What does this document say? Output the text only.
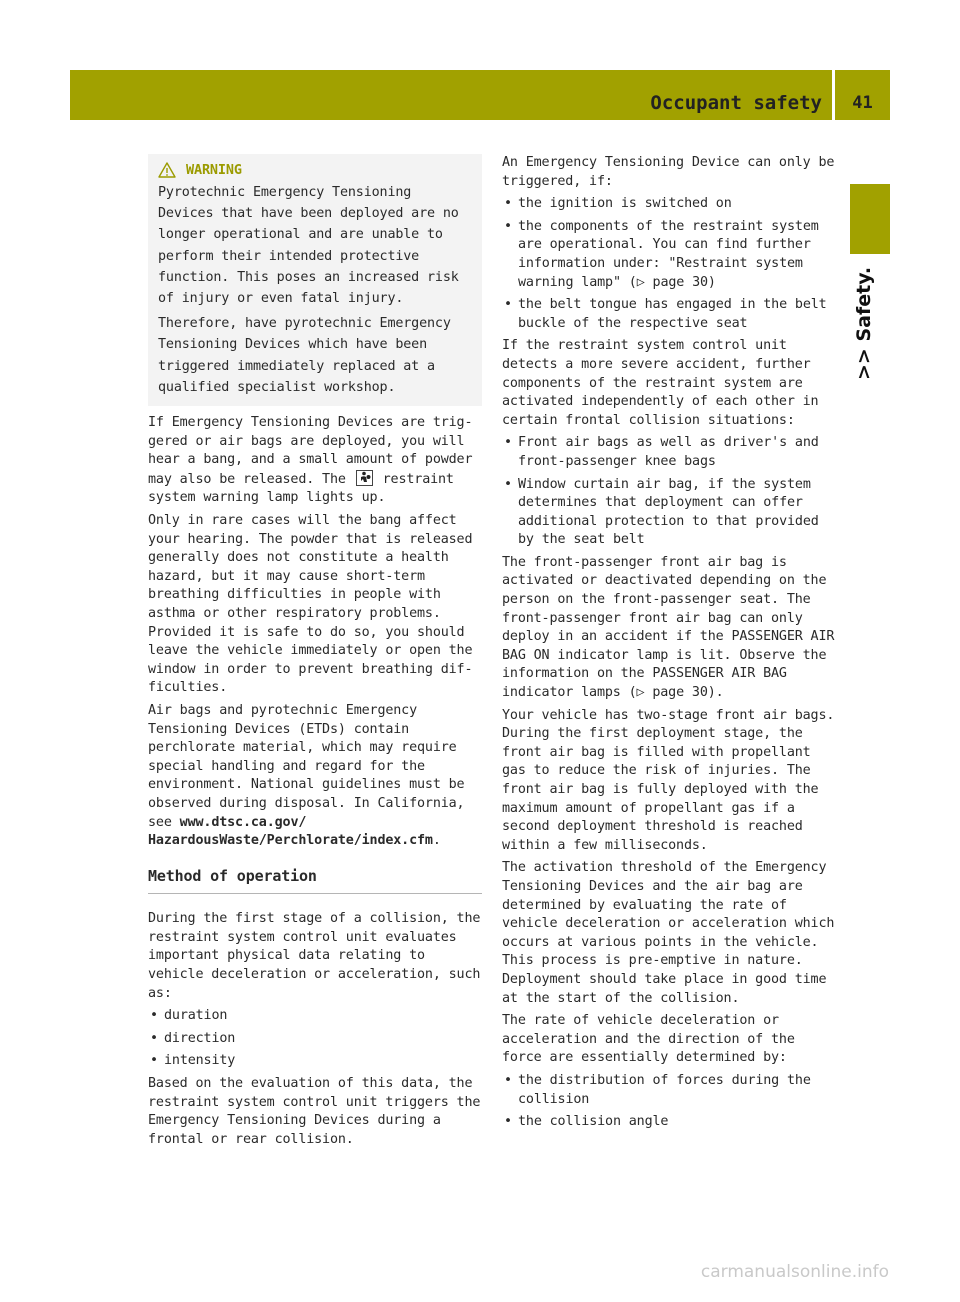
Occupant safety	41
>> Safety.
WARNING

Pyrotechnic Emergency Tensioning Devices that have been deployed are no longer operational and are unable to perform their intended protective function. This poses an increased risk of injury or even fatal injury.

Therefore, have pyrotechnic Emergency Tensioning Devices which have been triggered immediately replaced at a qualified specialist workshop.

If Emergency Tensioning Devices are triggered or air bags are deployed, you will hear a bang, and a small amount of powder may also be released. The	restraint system warning lamp lights up.

Only in rare cases will the bang affect your hearing. The powder that is released generally does not constitute a health hazard, but it may cause short-term breathing difficulties in people with asthma or other respiratory problems. Provided it is safe to do so, you should leave the vehicle immediately or open the window in order to prevent breathing difficulties.

Air bags and pyrotechnic Emergency Tensioning Devices (ETDs) contain perchlorate material, which may require special handling and regard for the environment. National guidelines must be observed during disposal. In California, see www.dtsc.ca.gov/ HazardousWaste/Perchlorate/index.cfm.

Method of operation

During the first stage of a collision, the restraint system control unit evaluates important physical data relating to vehicle deceleration or acceleration, such as:

• duration
• direction
• intensity

Based on the evaluation of this data, the restraint system control unit triggers the Emergency Tensioning Devices during a frontal or rear collision.

An Emergency Tensioning Device can only be triggered, if:

• the ignition is switched on
• the components of the restraint system are operational. You can find further information under: "Restraint system warning lamp" (▷ page 30)
• the belt tongue has engaged in the belt buckle of the respective seat

If the restraint system control unit detects a more severe accident, further components of the restraint system are activated independently of each other in certain frontal collision situations:

• Front air bags as well as driver's and front-passenger knee bags
• Window curtain air bag, if the system determines that deployment can offer additional protection to that provided by the seat belt

The front-passenger front air bag is activated or deactivated depending on the person on the front-passenger seat. The front-passenger front air bag can only deploy in an accident if the PASSENGER AIR BAG ON indicator lamp is lit. Observe the information on the PASSENGER AIR BAG indicator lamps (▷ page 30).

Your vehicle has two-stage front air bags. During the first deployment stage, the front air bag is filled with propellant gas to reduce the risk of injuries. The front air bag is fully deployed with the maximum amount of propellant gas if a second deployment threshold is reached within a few milliseconds.

The activation threshold of the Emergency Tensioning Devices and the air bag are determined by evaluating the rate of vehicle deceleration or acceleration which occurs at various points in the vehicle. This process is pre-emptive in nature. Deployment should take place in good time at the start of the collision.

The rate of vehicle deceleration or acceleration and the direction of the force are essentially determined by:

• the distribution of forces during the collision
• the collision angle
carmanualsonline.info
